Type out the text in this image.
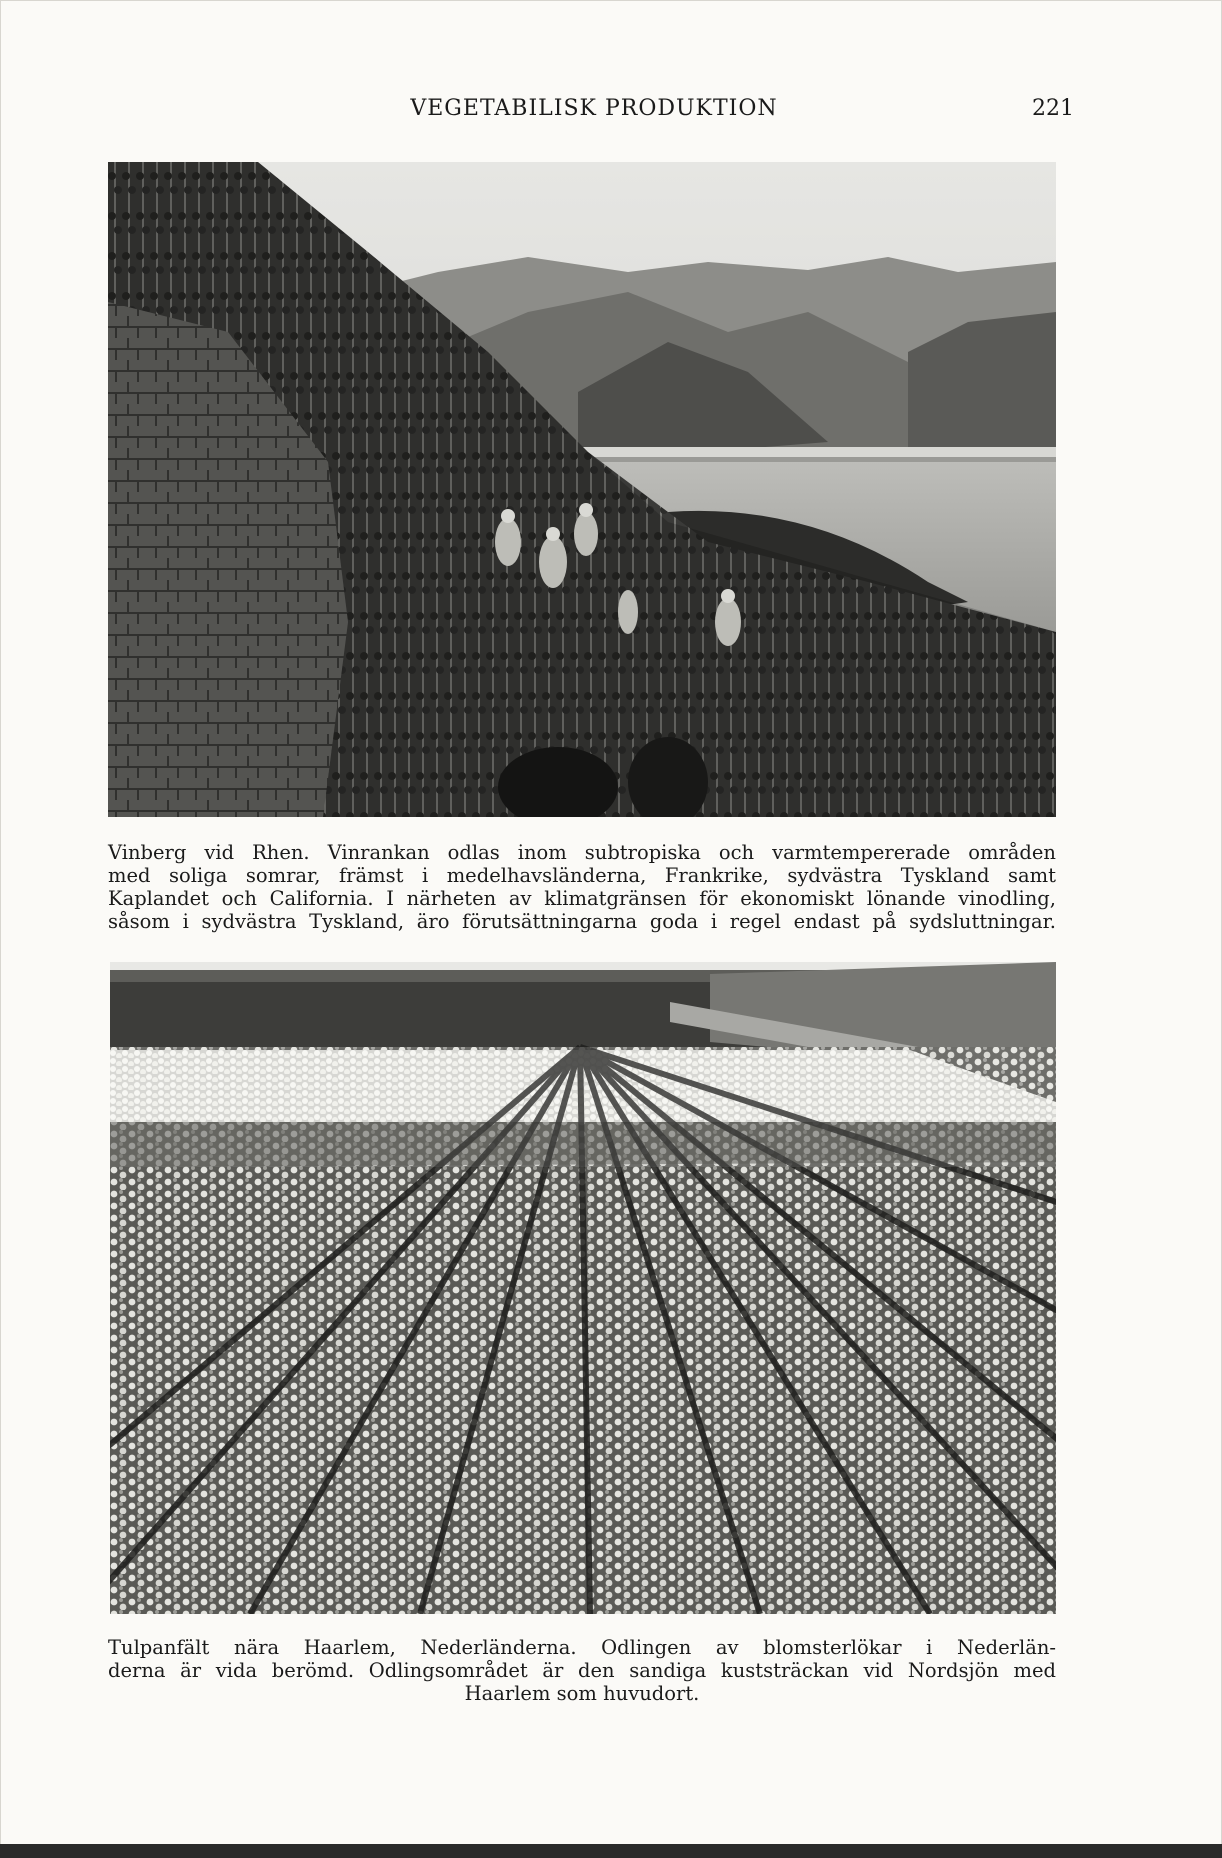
VEGETABILISK PRODUKTION	221
Vinberg vid Rhen. Vinrankan odlas inom subtropiska och varmtempererade områden
med soliga somrar, främst i medelhavsländerna, Frankrike, sydvästra Tyskland samt
Kaplandet och California. I närheten av klimatgränsen för ekonomiskt lönande vinodling,
såsom i sydvästra Tyskland, äro förutsättningarna goda i regel endast på sydsluttningar.
Tulpanfält nära Haarlem, Nederländerna. Odlingen av blomsterlökar i Nederlän-
derna är vida berömd. Odlingsområdet är den sandiga kuststräckan vid Nordsjön med
Haarlem som huvudort.
